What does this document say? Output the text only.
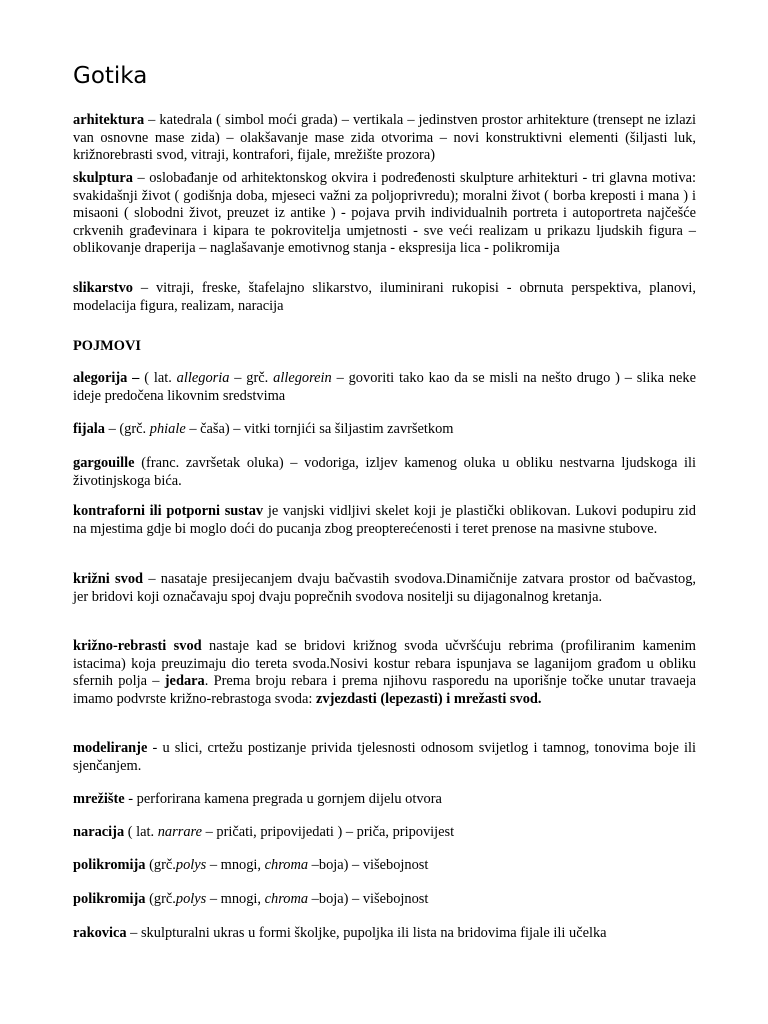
Gotika

arhitektura – katedrala ( simbol moći grada) – vertikala – jedinstven prostor arhitekture (trensept ne izlazi van osnovne mase zida) – olakšavanje mase zida otvorima – novi konstruktivni elementi (šiljasti luk, križnorebrasti svod, vitraji, kontrafori, fijale, mrežište prozora)

skulptura – oslobađanje od arhitektonskog okvira i podređenosti skulpture arhitekturi - tri glavna motiva: svakidašnji život ( godišnja doba, mjeseci važni za poljoprivredu); moralni život ( borba kreposti i mana ) i misaoni ( slobodni život, preuzet iz antike ) - pojava prvih individualnih portreta i autoportreta najčešće crkvenih građevinara i kipara te pokrovitelja umjetnosti - sve veći realizam u prikazu ljudskih figura – oblikovanje draperija – naglašavanje emotivnog stanja - ekspresija lica - polikromija

slikarstvo – vitraji, freske, štafelajno slikarstvo, iluminirani rukopisi - obrnuta perspektiva, planovi, modelacija figura, realizam, naracija

POJMOVI

alegorija – ( lat. allegoria – grč. allegorein – govoriti tako kao da se misli na nešto drugo ) – slika neke ideje predočena likovnim sredstvima

fijala – (grč. phiale – čaša) – vitki tornjići sa šiljastim završetkom

gargouille (franc. završetak oluka) – vodoriga, izljev kamenog oluka u obliku nestvarna ljudskoga ili životinjskoga bića.

kontraforni ili potporni sustav je vanjski vidljivi skelet koji je plastički oblikovan. Lukovi podupiru zid na mjestima gdje bi moglo doći do pucanja zbog preopterećenosti i teret prenose na masivne stubove.

križni svod – nasataje presijecanjem dvaju bačvastih svodova.Dinamičnije zatvara prostor od bačvastog, jer bridovi koji označavaju spoj dvaju poprečnih svodova nositelji su dijagonalnog kretanja.

križno-rebrasti svod nastaje kad se bridovi križnog svoda učvršćuju rebrima (profiliranim kamenim istacima) koja preuzimaju dio tereta svoda.Nosivi kostur rebara ispunjava se laganijom građom u obliku sfernih polja – jedara. Prema broju rebara i prema njihovu rasporedu na uporišnje točke unutar travaeja imamo podvrste križno-rebrastoga svoda: zvjezdasti (lepezasti) i mrežasti svod.

modeliranje - u slici, crtežu postizanje privida tjelesnosti odnosom svijetlog i tamnog, tonovima boje ili sjenčanjem.

mrežište - perforirana kamena pregrada u gornjem dijelu otvora

naracija ( lat. narrare – pričati, pripovijedati ) – priča, pripovijest

polikromija (grč.polys – mnogi, chroma –boja) – višebojnost

polikromija (grč.polys – mnogi, chroma –boja) – višebojnost

rakovica – skulpturalni ukras u formi školjke, pupoljka ili lista na bridovima fijale ili učelka
